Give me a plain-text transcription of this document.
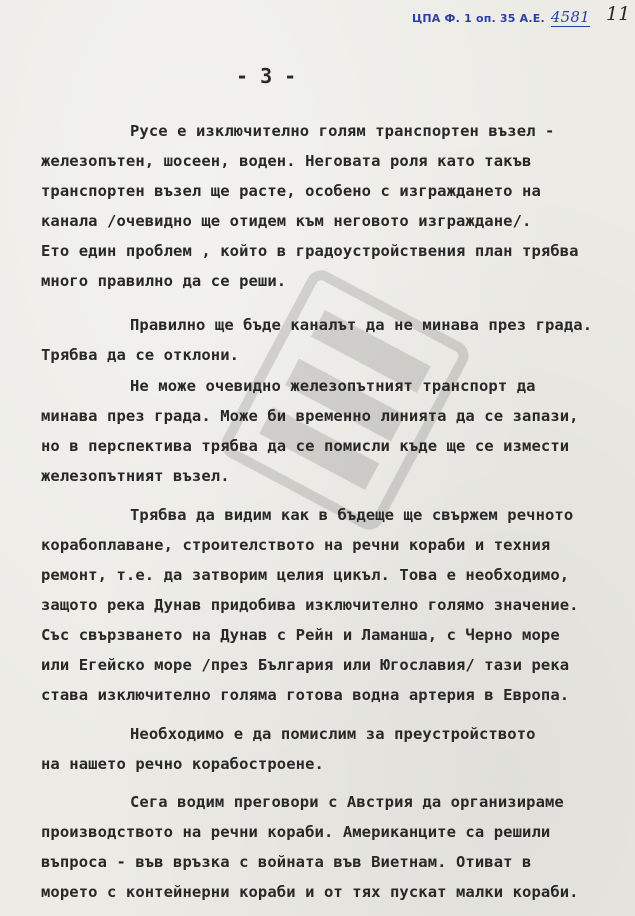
ЦПА Ф. 1 оп. 35 А.Е. 4581 11
- 3 -
Русе е изключително голям транспортен възел -
железопътен, шосеен, воден. Неговата роля като такъв
транспортен възел ще расте, особено с изграждането на
канала /очевидно ще отидем към неговото изграждане/.
Ето един проблем , който в градоустройствения план трябва
много правилно да се реши.
Правилно ще бъде каналът да не минава през града.
Трябва да се отклони.
Не може очевидно железопътният транспорт да
минава през града. Може би временно линията да се запази,
но в перспектива трябва да се помисли къде ще се измести
железопътният възел.
Трябва да видим как в бъдеще ще свържем речното
корабоплаване, строителството на речни кораби и техния
ремонт, т.е. да затворим целия цикъл. Това е необходимо,
защото река Дунав придобива изключително голямо значение.
Със свързването на Дунав с Рейн и Ламанша, с Черно море
или Егейско море /през България или Югославия/ тази река
става изключително голяма готова водна артерия в Европа.
Необходимо е да помислим за преустройството
на нашето речно корабостроене.
Сега водим преговори с Австрия да организираме
производството на речни кораби. Американците са решили
въпроса - във връзка с войната във Виетнам. Отиват в
морето с контейнерни кораби и от тях пускат малки кораби.
